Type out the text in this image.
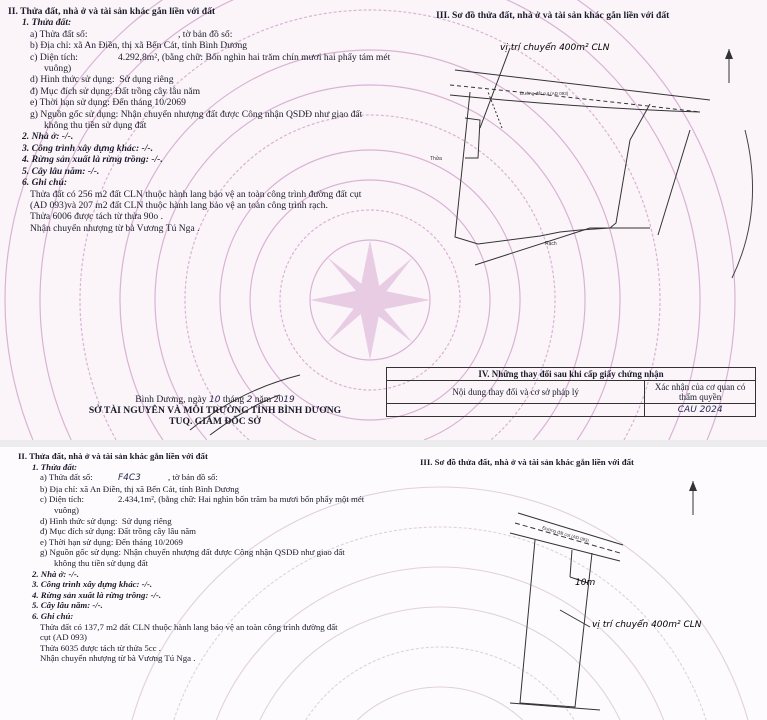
II. Thửa đất, nhà ở và tài sản khác gắn liền với đất
1. Thửa đất:
a) Thửa đất số:	, tờ bản đồ số:
b) Địa chỉ: xã An Điền, thị xã Bến Cát, tỉnh Bình Dương
c) Diện tích:	4.292,8m², (bằng chữ: Bốn nghìn hai trăm chín mươi hai phẩy tám mét
vuông)
d) Hình thức sử dụng: Sử dụng riêng
đ) Mục đích sử dụng: Đất trồng cây lâu năm
e) Thời hạn sử dụng: Đến tháng 10/2069
g) Nguồn gốc sử dụng: Nhận chuyển nhượng đất được Công nhận QSDĐ như giao đất
không thu tiền sử dụng đất
2. Nhà ở: -/-.
3. Công trình xây dựng khác: -/-.
4. Rừng sản xuất là rừng trồng: -/-.
5. Cây lâu năm: -/-.
6. Ghi chú:
Thửa đất có 256 m2 đất CLN thuộc hành lang bảo vệ an toàn công trình đường đất cụt
(AD 093)và 207 m2 đất CLN thuộc hành lang bảo vệ an toàn công trình rạch.
Thửa 6006 được tách từ thửa 90o .
Nhận chuyển nhượng từ bà Vương Tú Nga .
III. Sơ đồ thửa đất, nhà ở và tài sản khác gắn liền với đất
vị trí chuyển 400m² CLN
Đường đất cụt (AD 093)
Rạch
Thửa
Bình Dương, ngày 10 tháng 2 năm 2019
SỞ TÀI NGUYÊN VÀ MÔI TRƯỜNG TỈNH BÌNH DƯƠNG
TUQ. GIÁM ĐỐC SỞ
IV. Những thay đổi sau khi cấp giấy chứng nhận	
Nội dung thay đổi và cơ sở pháp lý	Xác nhận của cơ quan có thẩm quyền
	CAU 2024
II. Thửa đất, nhà ở và tài sản khác gắn liền với đất
1. Thửa đất:
a) Thửa đất số:	F4C3	, tờ bản đồ số:
b) Địa chỉ: xã An Điền, thị xã Bến Cát, tỉnh Bình Dương
c) Diện tích:	2.434,1m², (bằng chữ: Hai nghìn bốn trăm ba mươi bốn phẩy một mét
vuông)
d) Hình thức sử dụng: Sử dụng riêng
đ) Mục đích sử dụng: Đất trồng cây lâu năm
e) Thời hạn sử dụng: Đến tháng 10/2069
g) Nguồn gốc sử dụng: Nhận chuyển nhượng đất được Công nhận QSDĐ như giao đất
không thu tiền sử dụng đất
2. Nhà ở: -/-.
3. Công trình xây dựng khác: -/-.
4. Rừng sản xuất là rừng trồng: -/-.
5. Cây lâu năm: -/-.
6. Ghi chú:
Thửa đất có 137,7 m2 đất CLN thuộc hành lang bảo vệ an toàn công trình đường đất
cụt (AD 093)
Thửa 6035 được tách từ thửa 5cc .
Nhận chuyển nhượng từ bà Vương Tú Nga .
III. Sơ đồ thửa đất, nhà ở và tài sản khác gắn liền với đất
Đường đất cụt (AD 093)
vị trí chuyển 400m² CLN
10m
